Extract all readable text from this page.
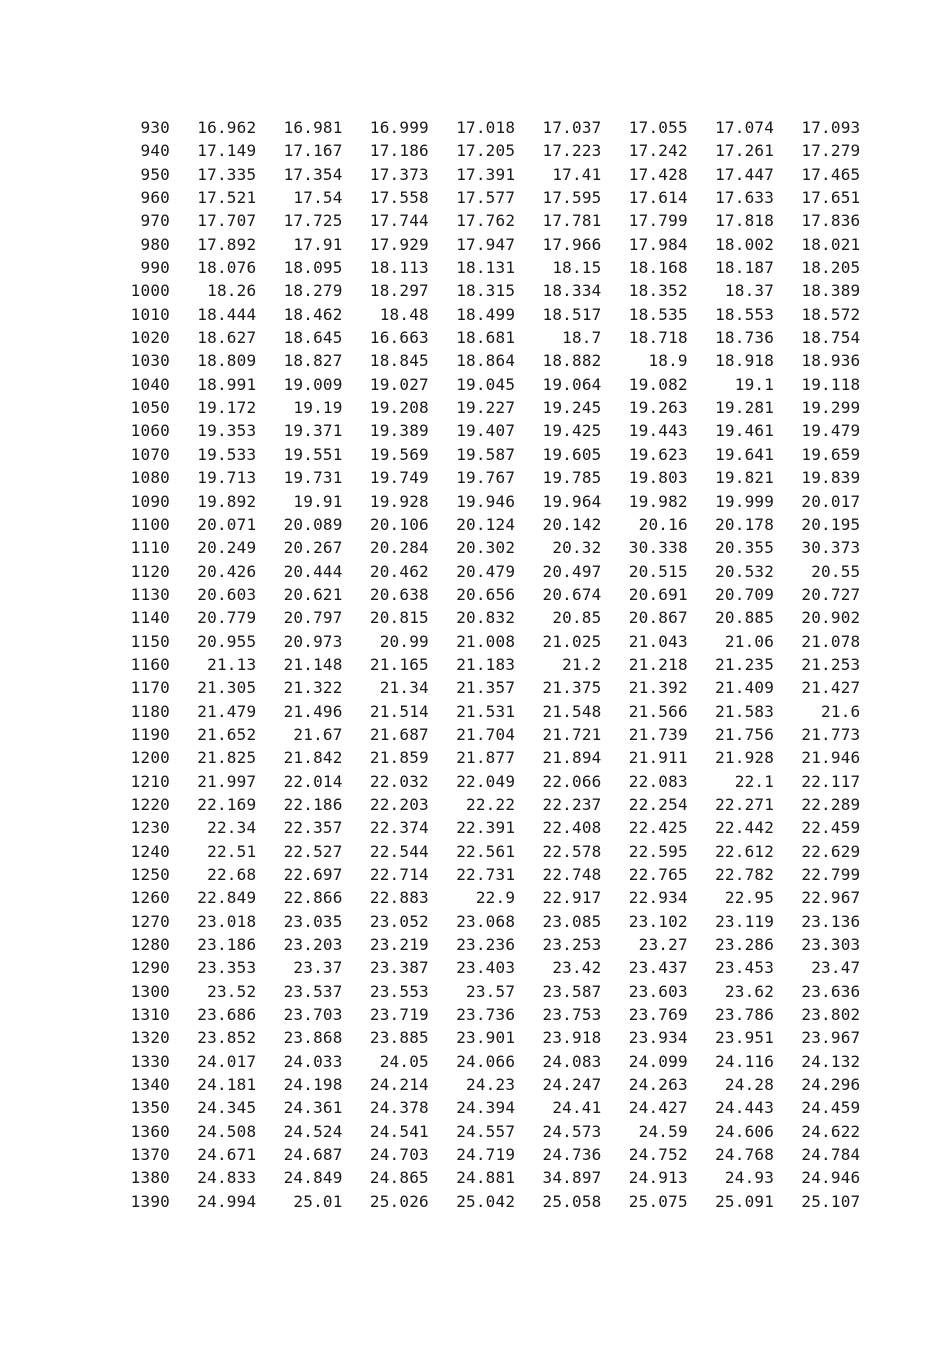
930	16.962	16.981	16.999	17.018	17.037	17.055	17.074	17.093
940	17.149	17.167	17.186	17.205	17.223	17.242	17.261	17.279
950	17.335	17.354	17.373	17.391	17.41	17.428	17.447	17.465
960	17.521	17.54	17.558	17.577	17.595	17.614	17.633	17.651
970	17.707	17.725	17.744	17.762	17.781	17.799	17.818	17.836
980	17.892	17.91	17.929	17.947	17.966	17.984	18.002	18.021
990	18.076	18.095	18.113	18.131	18.15	18.168	18.187	18.205
1000	18.26	18.279	18.297	18.315	18.334	18.352	18.37	18.389
1010	18.444	18.462	18.48	18.499	18.517	18.535	18.553	18.572
1020	18.627	18.645	16.663	18.681	18.7	18.718	18.736	18.754
1030	18.809	18.827	18.845	18.864	18.882	18.9	18.918	18.936
1040	18.991	19.009	19.027	19.045	19.064	19.082	19.1	19.118
1050	19.172	19.19	19.208	19.227	19.245	19.263	19.281	19.299
1060	19.353	19.371	19.389	19.407	19.425	19.443	19.461	19.479
1070	19.533	19.551	19.569	19.587	19.605	19.623	19.641	19.659
1080	19.713	19.731	19.749	19.767	19.785	19.803	19.821	19.839
1090	19.892	19.91	19.928	19.946	19.964	19.982	19.999	20.017
1100	20.071	20.089	20.106	20.124	20.142	20.16	20.178	20.195
1110	20.249	20.267	20.284	20.302	20.32	30.338	20.355	30.373
1120	20.426	20.444	20.462	20.479	20.497	20.515	20.532	20.55
1130	20.603	20.621	20.638	20.656	20.674	20.691	20.709	20.727
1140	20.779	20.797	20.815	20.832	20.85	20.867	20.885	20.902
1150	20.955	20.973	20.99	21.008	21.025	21.043	21.06	21.078
1160	21.13	21.148	21.165	21.183	21.2	21.218	21.235	21.253
1170	21.305	21.322	21.34	21.357	21.375	21.392	21.409	21.427
1180	21.479	21.496	21.514	21.531	21.548	21.566	21.583	21.6
1190	21.652	21.67	21.687	21.704	21.721	21.739	21.756	21.773
1200	21.825	21.842	21.859	21.877	21.894	21.911	21.928	21.946
1210	21.997	22.014	22.032	22.049	22.066	22.083	22.1	22.117
1220	22.169	22.186	22.203	22.22	22.237	22.254	22.271	22.289
1230	22.34	22.357	22.374	22.391	22.408	22.425	22.442	22.459
1240	22.51	22.527	22.544	22.561	22.578	22.595	22.612	22.629
1250	22.68	22.697	22.714	22.731	22.748	22.765	22.782	22.799
1260	22.849	22.866	22.883	22.9	22.917	22.934	22.95	22.967
1270	23.018	23.035	23.052	23.068	23.085	23.102	23.119	23.136
1280	23.186	23.203	23.219	23.236	23.253	23.27	23.286	23.303
1290	23.353	23.37	23.387	23.403	23.42	23.437	23.453	23.47
1300	23.52	23.537	23.553	23.57	23.587	23.603	23.62	23.636
1310	23.686	23.703	23.719	23.736	23.753	23.769	23.786	23.802
1320	23.852	23.868	23.885	23.901	23.918	23.934	23.951	23.967
1330	24.017	24.033	24.05	24.066	24.083	24.099	24.116	24.132
1340	24.181	24.198	24.214	24.23	24.247	24.263	24.28	24.296
1350	24.345	24.361	24.378	24.394	24.41	24.427	24.443	24.459
1360	24.508	24.524	24.541	24.557	24.573	24.59	24.606	24.622
1370	24.671	24.687	24.703	24.719	24.736	24.752	24.768	24.784
1380	24.833	24.849	24.865	24.881	34.897	24.913	24.93	24.946
1390	24.994	25.01	25.026	25.042	25.058	25.075	25.091	25.107
